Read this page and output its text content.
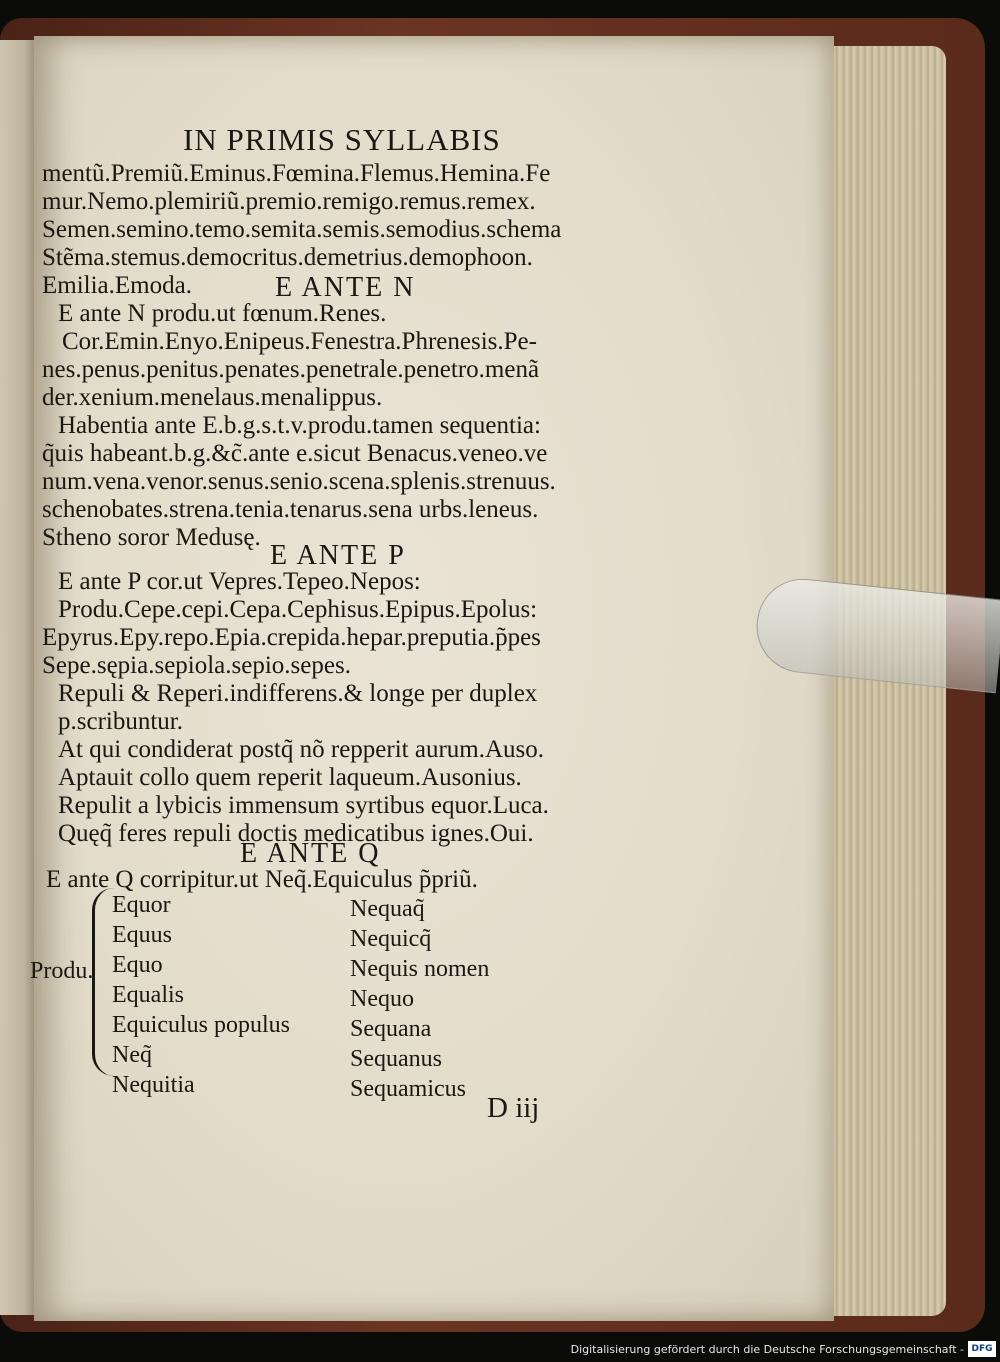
IN PRIMIS SYLLABIS
mentũ.Premiũ.Eminus.Fœmina.Flemus.Hemina.Fe
mur.Nemo.plemiriũ.premio.remigo.remus.remex.
Semen.semino.temo.semita.semis.semodius.schema
Stẽma.stemus.democritus.demetrius.demophoon.
Emilia.Emoda.	E ANTE N
E ante N produ.ut fœnum.Renes.
Cor.Emin.Enyo.Enipeus.Fenestra.Phrenesis.Pe-
nes.penus.penitus.penates.penetrale.penetro.menã
der.xenium.menelaus.menalippus.
Habentia ante E.b.g.s.t.v.produ.tamen sequentia:
q̃uis habeant.b.g.&c̃.ante e.sicut Benacus.veneo.ve
num.vena.venor.senus.senio.scena.splenis.strenuus.
schenobates.strena.tenia.tenarus.sena urbs.leneus.
Stheno soror Medusę.
E ANTE P
E ante P cor.ut Vepres.Tepeo.Nepos:
Produ.Cepe.cepi.Cepa.Cephisus.Epipus.Epolus:
Epyrus.Epy.repo.Epia.crepida.hepar.preputia.p̃pes
Sepe.sępia.sepiola.sepio.sepes.
Repuli & Reperi.indifferens.& longe per duplex
p.scribuntur.
At qui condiderat postq̃ nõ repperit aurum.Auso.
Aptauit collo quem reperit laqueum.Ausonius.
Repulit a lybicis immensum syrtibus equor.Luca.
Quęq̃ feres repuli doctis medicatibus ignes.Oui.
E ANTE Q
E ante Q corripitur.ut Neq̃.Equiculus p̃priũ.
Produ.
Equor
Equus
Equo
Equalis
Equiculus populus
Neq̃
Nequitia
Nequaq̃
Nequicq̃
Nequis nomen
Nequo
Sequana
Sequanus
Sequamicus
D iij
Digitalisierung gefördert durch die Deutsche Forschungsgemeinschaft - DFG
